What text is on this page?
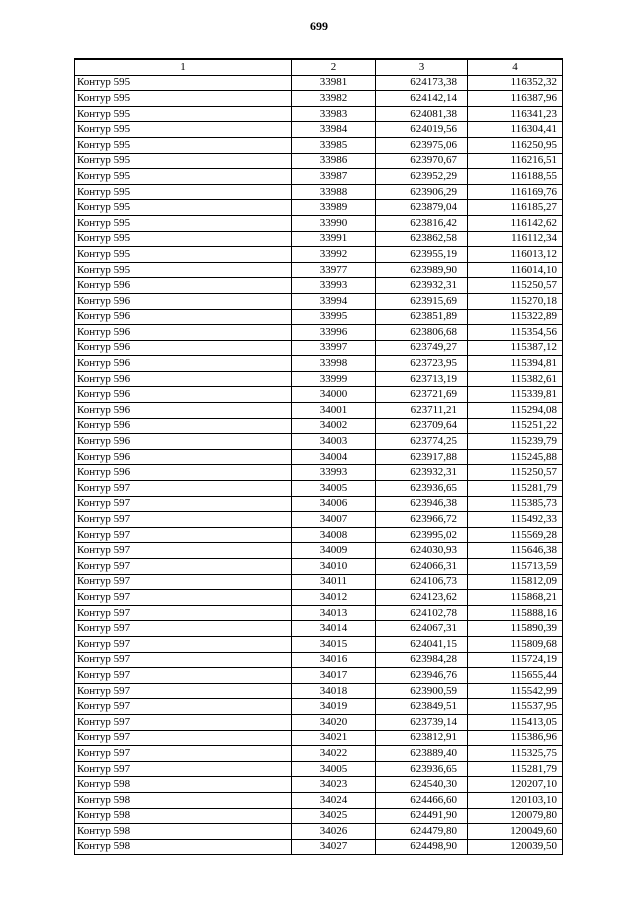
699
1	2	3	4
Контур 595	33981	624173,38	116352,32
Контур 595	33982	624142,14	116387,96
Контур 595	33983	624081,38	116341,23
Контур 595	33984	624019,56	116304,41
Контур 595	33985	623975,06	116250,95
Контур 595	33986	623970,67	116216,51
Контур 595	33987	623952,29	116188,55
Контур 595	33988	623906,29	116169,76
Контур 595	33989	623879,04	116185,27
Контур 595	33990	623816,42	116142,62
Контур 595	33991	623862,58	116112,34
Контур 595	33992	623955,19	116013,12
Контур 595	33977	623989,90	116014,10
Контур 596	33993	623932,31	115250,57
Контур 596	33994	623915,69	115270,18
Контур 596	33995	623851,89	115322,89
Контур 596	33996	623806,68	115354,56
Контур 596	33997	623749,27	115387,12
Контур 596	33998	623723,95	115394,81
Контур 596	33999	623713,19	115382,61
Контур 596	34000	623721,69	115339,81
Контур 596	34001	623711,21	115294,08
Контур 596	34002	623709,64	115251,22
Контур 596	34003	623774,25	115239,79
Контур 596	34004	623917,88	115245,88
Контур 596	33993	623932,31	115250,57
Контур 597	34005	623936,65	115281,79
Контур 597	34006	623946,38	115385,73
Контур 597	34007	623966,72	115492,33
Контур 597	34008	623995,02	115569,28
Контур 597	34009	624030,93	115646,38
Контур 597	34010	624066,31	115713,59
Контур 597	34011	624106,73	115812,09
Контур 597	34012	624123,62	115868,21
Контур 597	34013	624102,78	115888,16
Контур 597	34014	624067,31	115890,39
Контур 597	34015	624041,15	115809,68
Контур 597	34016	623984,28	115724,19
Контур 597	34017	623946,76	115655,44
Контур 597	34018	623900,59	115542,99
Контур 597	34019	623849,51	115537,95
Контур 597	34020	623739,14	115413,05
Контур 597	34021	623812,91	115386,96
Контур 597	34022	623889,40	115325,75
Контур 597	34005	623936,65	115281,79
Контур 598	34023	624540,30	120207,10
Контур 598	34024	624466,60	120103,10
Контур 598	34025	624491,90	120079,80
Контур 598	34026	624479,80	120049,60
Контур 598	34027	624498,90	120039,50
